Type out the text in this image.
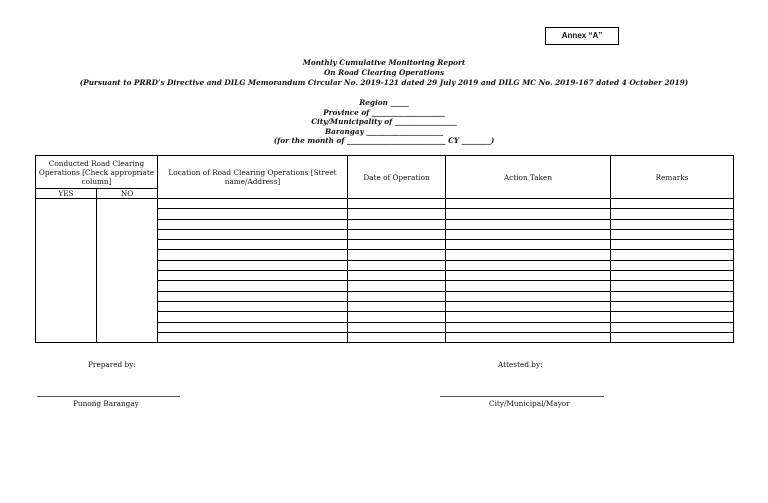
Annex “A”
Monthly Cumulative Monitoring Report
On Road Clearing Operations
(Pursuant to PRRD’s Directive and DILG Memorandum Circular No. 2019-121 dated 29 July 2019 and DILG MC No. 2019-167 dated 4 October 2019)
Region _____
Province of ____________________
City/Municipality of _________________
Barangay _____________________
(for the month of ___________________________ CY ________)
Conducted Road Clearing Operations [Check appropriate column]		Location of Road Clearing Operations [Street name/Address]	Date of Operation	Action Taken	Remarks
YES	NO				

Prepared by:	Attested by:
Punong Barangay	City/Municipal/Mayor
